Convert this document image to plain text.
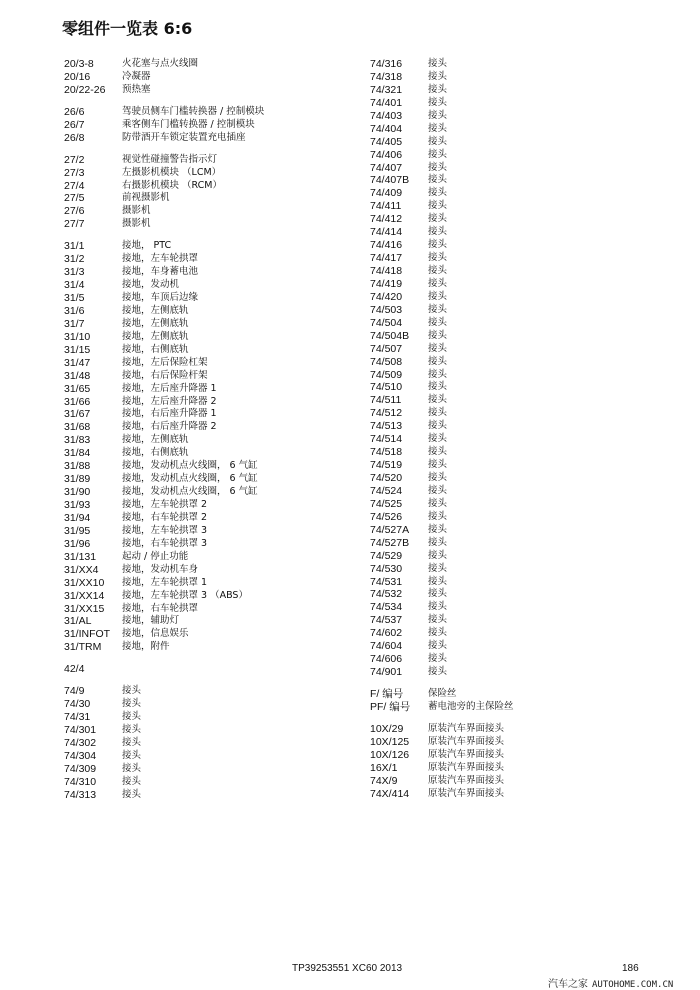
零组件一览表 6:6
20/3-8	火花塞与点火线圈
20/16	冷凝器
20/22-26 预热塞
26/6	驾驶员侧车门槛转换器 / 控制模块
26/7	乘客侧车门槛转换器 / 控制模块
26/8	防带酒开车锁定装置充电插座
27/2	视觉性碰撞警告指示灯
27/3	左摄影机模块 （LCM）
27/4	右摄影机模块 （RCM）
27/5	前视摄影机
27/6	摄影机
27/7	摄影机
31/1	接地， PTC
31/2	接地，左车轮拱罩
31/3	接地，车身蓄电池
31/4	接地，发动机
31/5	接地，车顶后边缘
31/6	接地，左侧底轨
31/7	接地，左侧底轨
31/10	接地，左侧底轨
31/15	接地，右侧底轨
31/47	接地，左后保险杠架
31/48	接地，右后保险杆架
31/65	接地，左后座升降器 1
31/66	接地，左后座升降器 2
31/67	接地，右后座升降器 1
31/68	接地，右后座升降器 2
31/83	接地，左侧底轨
31/84	接地，右侧底轨
31/88	接地，发动机点火线圈， 6 气缸
31/89	接地，发动机点火线圈， 6 气缸
31/90	接地，发动机点火线圈， 6 气缸
31/93	接地，左车轮拱罩 2
31/94	接地，右车轮拱罩 2
31/95	接地，左车轮拱罩 3
31/96	接地，右车轮拱罩 3
31/131	起动 / 停止功能
31/XX4 接地，发动机车身
31/XX10 接地，左车轮拱罩 1
31/XX14 接地，左车轮拱罩 3 （ABS）
31/XX15 接地，右车轮拱罩
31/AL	接地，辅助灯
31/INFOT 接地，信息娱乐
31/TRM 接地，附件
42/4
74/9	接头
74/30	接头
74/31	接头
74/301	接头
74/302	接头
74/304	接头
74/309	接头
74/310	接头
74/313	接头
74/316	接头
74/318	接头
74/321	接头
74/401	接头
74/403	接头
74/404	接头
74/405	接头
74/406	接头
74/407	接头
74/407B 接头
74/409	接头
74/411	接头
74/412	接头
74/414	接头
74/416	接头
74/417	接头
74/418	接头
74/419	接头
74/420	接头
74/503	接头
74/504	接头
74/504B 接头
74/507	接头
74/508	接头
74/509	接头
74/510	接头
74/511	接头
74/512	接头
74/513	接头
74/514	接头
74/518	接头
74/519	接头
74/520	接头
74/524	接头
74/525	接头
74/526	接头
74/527A 接头
74/527B 接头
74/529	接头
74/530	接头
74/531	接头
74/532	接头
74/534	接头
74/537	接头
74/602	接头
74/604	接头
74/606	接头
74/901	接头
F/ 编号	保险丝
PF/ 编号 蓄电池旁的主保险丝
10X/29	原装汽车界面接头
10X/125 原装汽车界面接头
10X/126 原装汽车界面接头
16X/1	原装汽车界面接头
74X/9	原装汽车界面接头
74X/414 原装汽车界面接头
TP39253551 XC60 2013	186
汽车之家 AUTOHOME.COM.CN
